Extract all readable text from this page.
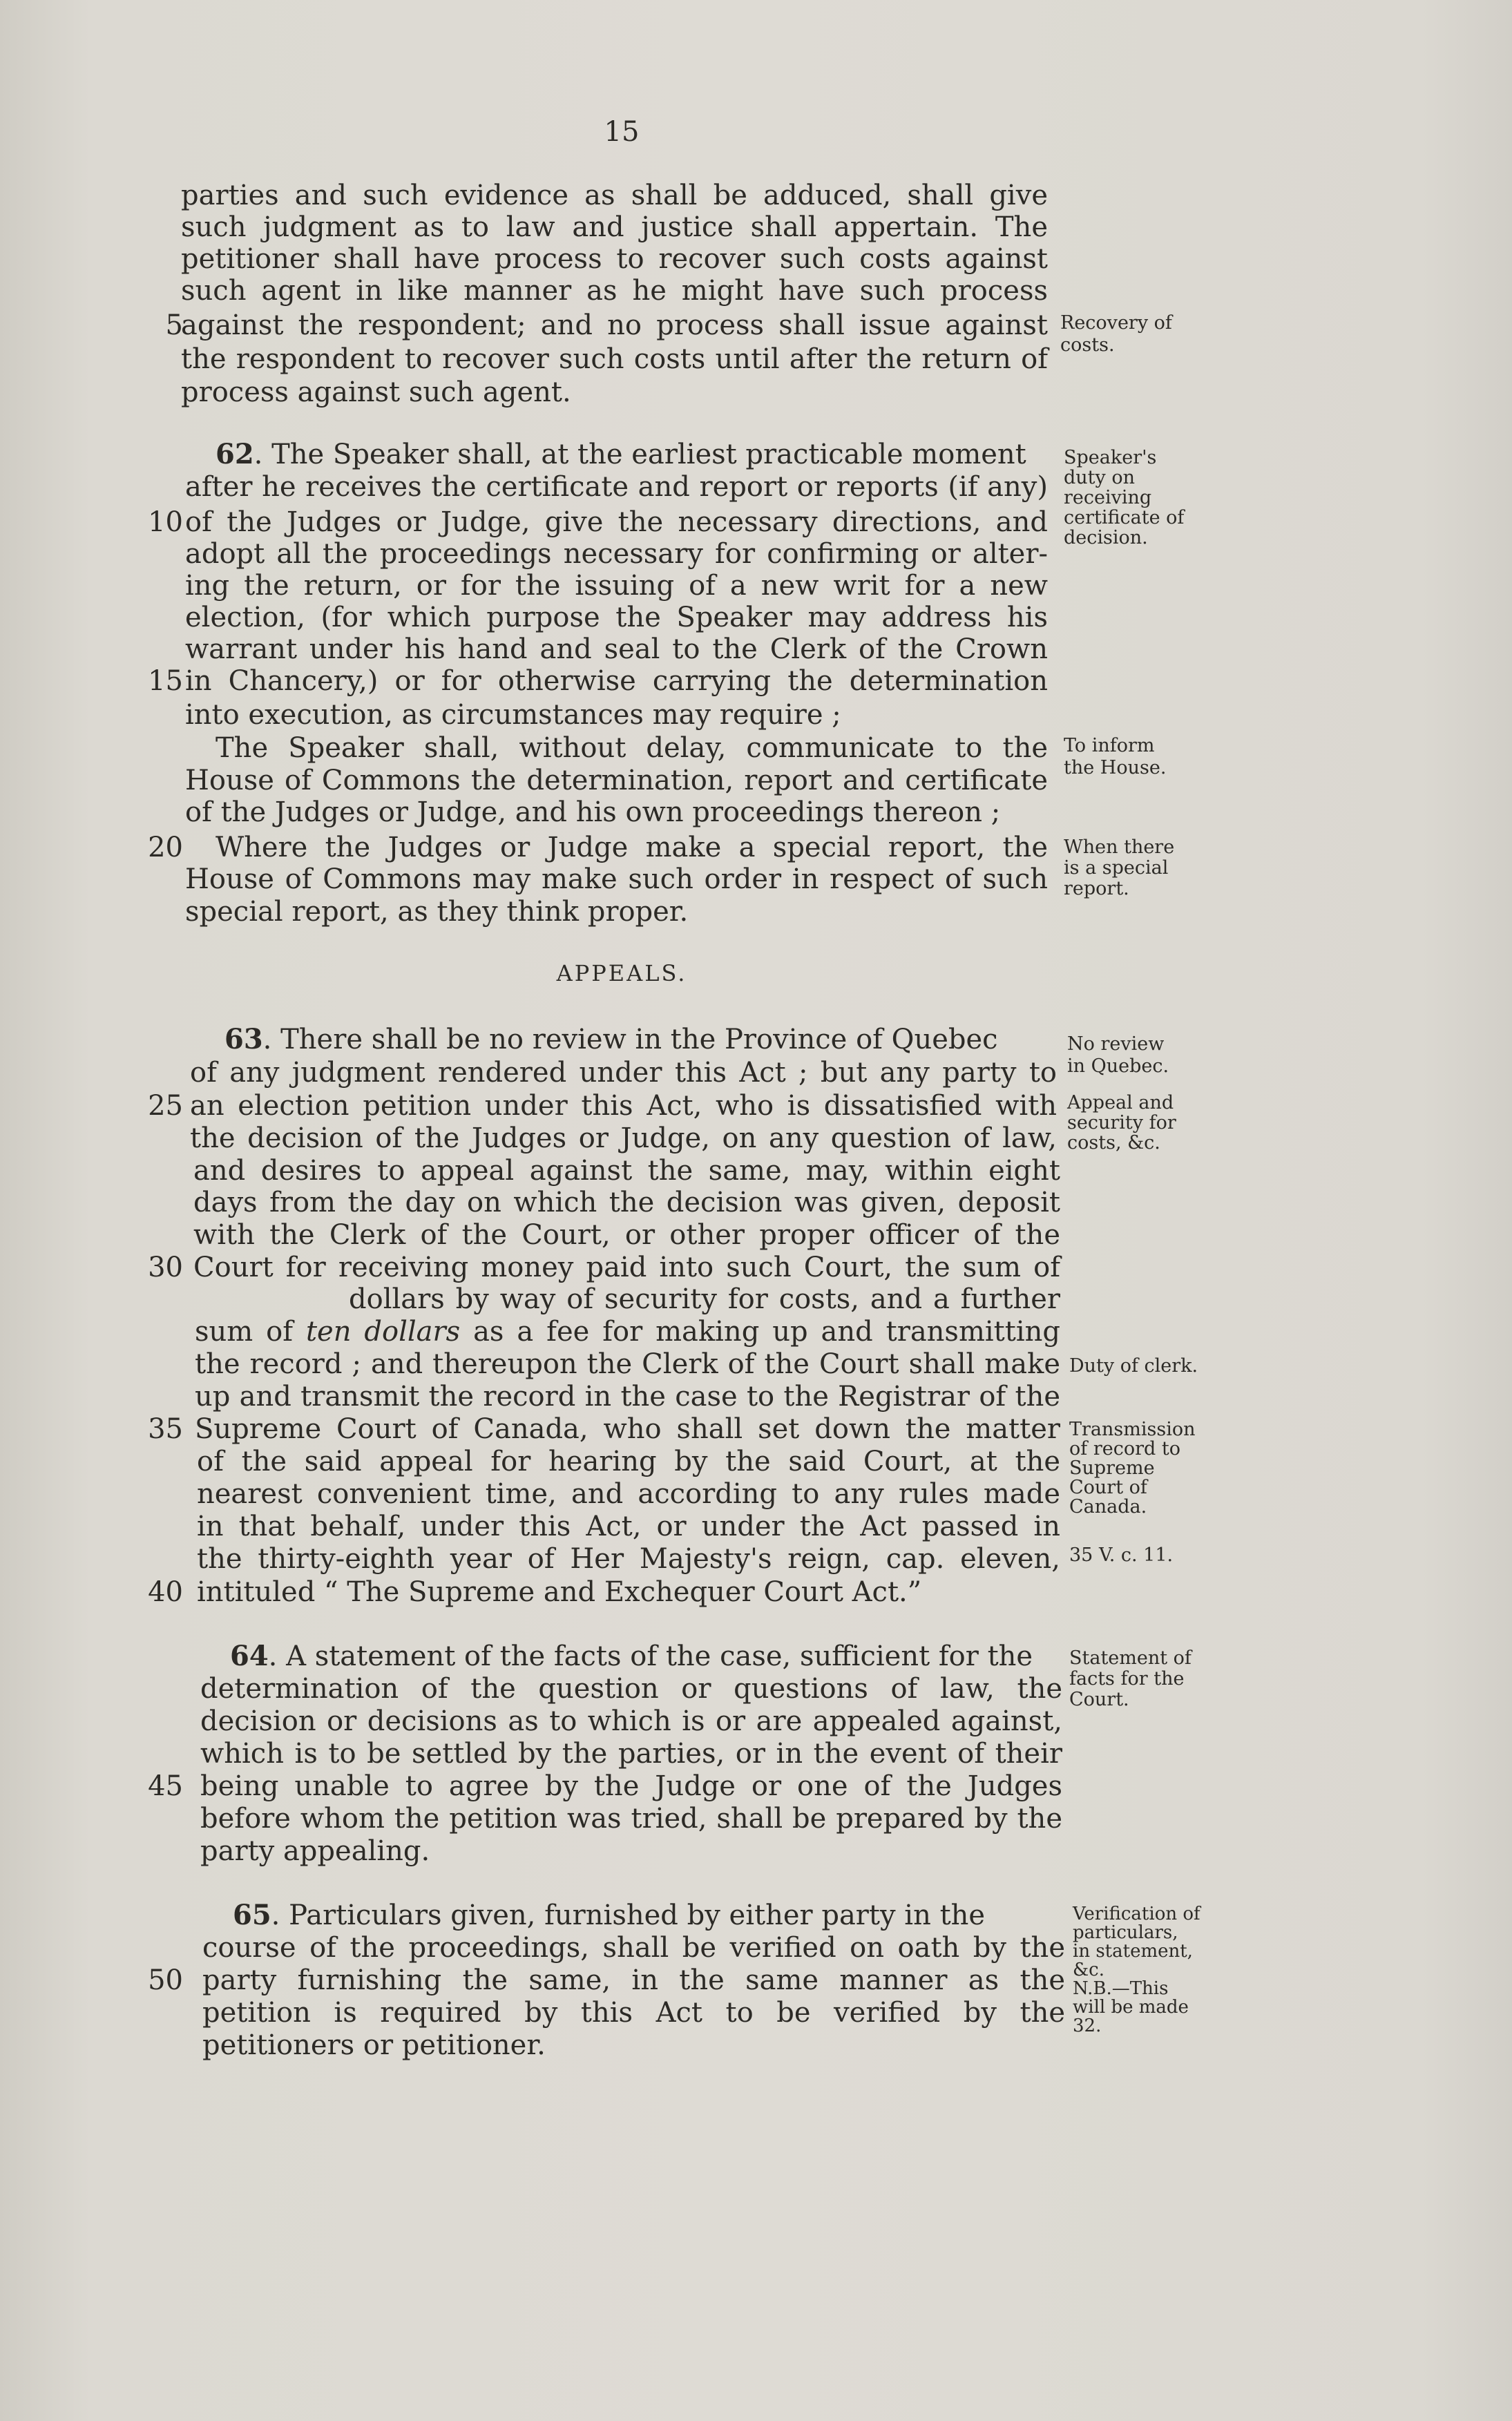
15
parties and such evidence as shall be adduced, shall give
such judgment as to law and justice shall appertain. The
petitioner shall have process to recover such costs against
such agent in like manner as he might have such process
5
against the respondent; and no process shall issue against
the respondent to recover such costs until after the return of
process against such agent.
62. The Speaker shall, at the earliest practicable moment
after he receives the certificate and report or reports (if any)
10 of the Judges or Judge, give the necessary directions, and
adopt all the proceedings necessary for confirming or alter-
ing the return, or for the issuing of a new writ for a new
election, (for which purpose the Speaker may address his
warrant under his hand and seal to the Clerk of the Crown
15 in Chancery,) or for otherwise carrying the determination
into execution, as circumstances may require ;
The Speaker shall, without delay, communicate to the
House of Commons the determination, report and certificate
of the Judges or Judge, and his own proceedings thereon ;
20 Where the Judges or Judge make a special report, the
House of Commons may make such order in respect of such
special report, as they think proper.
APPEALS.
63. There shall be no review in the Province of Quebec
of any judgment rendered under this Act ; but any party to
25 an election petition under this Act, who is dissatisfied with
the decision of the Judges or Judge, on any question of law,
and desires to appeal against the same, may, within eight
days from the day on which the decision was given, deposit
with the Clerk of the Court, or other proper officer of the
30 Court for receiving money paid into such Court, the sum of
dollars by way of security for costs, and a further
sum of ten dollars as a fee for making up and transmitting
the record ; and thereupon the Clerk of the Court shall make
up and transmit the record in the case to the Registrar of the
35 Supreme Court of Canada, who shall set down the matter
of the said appeal for hearing by the said Court, at the
nearest convenient time, and according to any rules made
in that behalf, under this Act, or under the Act passed in
the thirty-eighth year of Her Majesty's reign, cap. eleven,
40 intituled “ The Supreme and Exchequer Court Act.”
64. A statement of the facts of the case, sufficient for the
determination of the question or questions of law, the
decision or decisions as to which is or are appealed against,
which is to be settled by the parties, or in the event of their
45 being unable to agree by the Judge or one of the Judges
before whom the petition was tried, shall be prepared by the
party appealing.
65. Particulars given, furnished by either party in the
course of the proceedings, shall be verified on oath by the
50 party furnishing the same, in the same manner as the
petition is required by this Act to be verified by the
petitioners or petitioner.
Recovery of
costs.
Speaker's
duty on
receiving
certificate of
decision.
To inform
the House.
When there
is a special
report.
No review
in Quebec.
Appeal and
security for
costs, &c.
Duty of clerk.
Transmission
of record to
Supreme
Court of
Canada.
35 V. c. 11.
Statement of
facts for the
Court.
Verification of
particulars,
in statement,
&c.
N.B.—This
will be made
32.
